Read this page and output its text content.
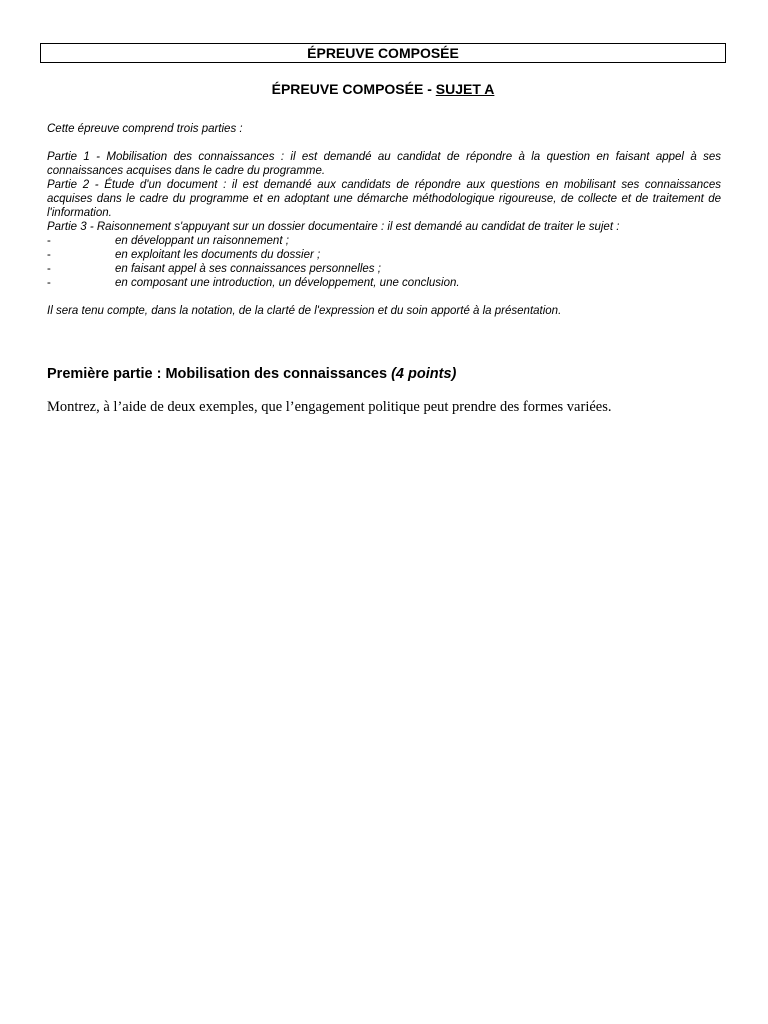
ÉPREUVE COMPOSÉE
ÉPREUVE COMPOSÉE - SUJET A

Cette épreuve comprend trois parties :

Partie 1 - Mobilisation des connaissances : il est demandé au candidat de répondre à la question en faisant appel à ses connaissances acquises dans le cadre du programme.

Partie 2 - Étude d'un document : il est demandé aux candidats de répondre aux questions en mobilisant ses connaissances acquises dans le cadre du programme et en adoptant une démarche méthodologique rigoureuse, de collecte et de traitement de l'information.

Partie 3 - Raisonnement s'appuyant sur un dossier documentaire : il est demandé au candidat de traiter le sujet :

-	en développant un raisonnement ;
-	en exploitant les documents du dossier ;
-	en faisant appel à ses connaissances personnelles ;
-	en composant une introduction, un développement, une conclusion.

Il sera tenu compte, dans la notation, de la clarté de l'expression et du soin apporté à la présentation.

Première partie : Mobilisation des connaissances (4 points)
Montrez, à l’aide de deux exemples, que l’engagement politique peut prendre des formes variées.
